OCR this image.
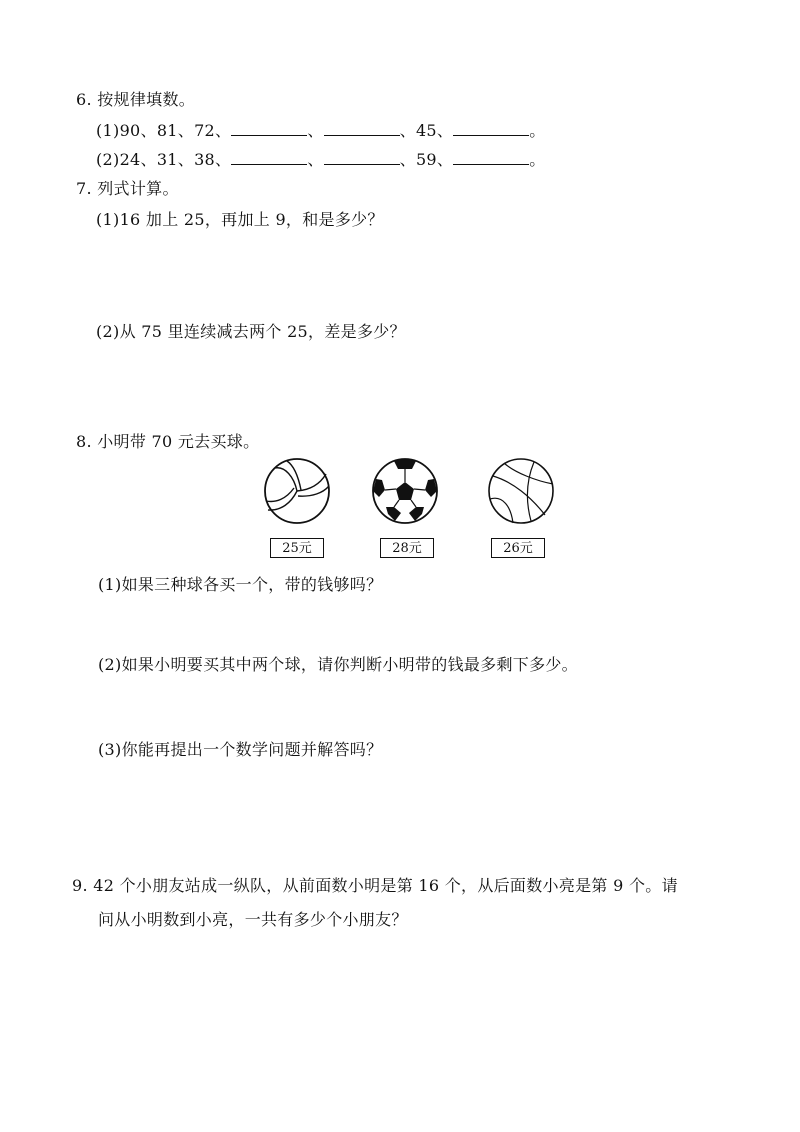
6. 按规律填数。
(1)90、81、72、	、	、45、	。
(2)24、31、38、	、	、59、	。
7. 列式计算。
(1)16 加上 25，再加上 9，和是多少？
(2)从 75 里连续减去两个 25，差是多少？
8. 小明带 70 元去买球。
25元	28元	26元
(1)如果三种球各买一个，带的钱够吗？
(2)如果小明要买其中两个球，请你判断小明带的钱最多剩下多少。
(3)你能再提出一个数学问题并解答吗？
9. 42 个小朋友站成一纵队，从前面数小明是第 16 个，从后面数小亮是第 9 个。请
问从小明数到小亮，一共有多少个小朋友？
